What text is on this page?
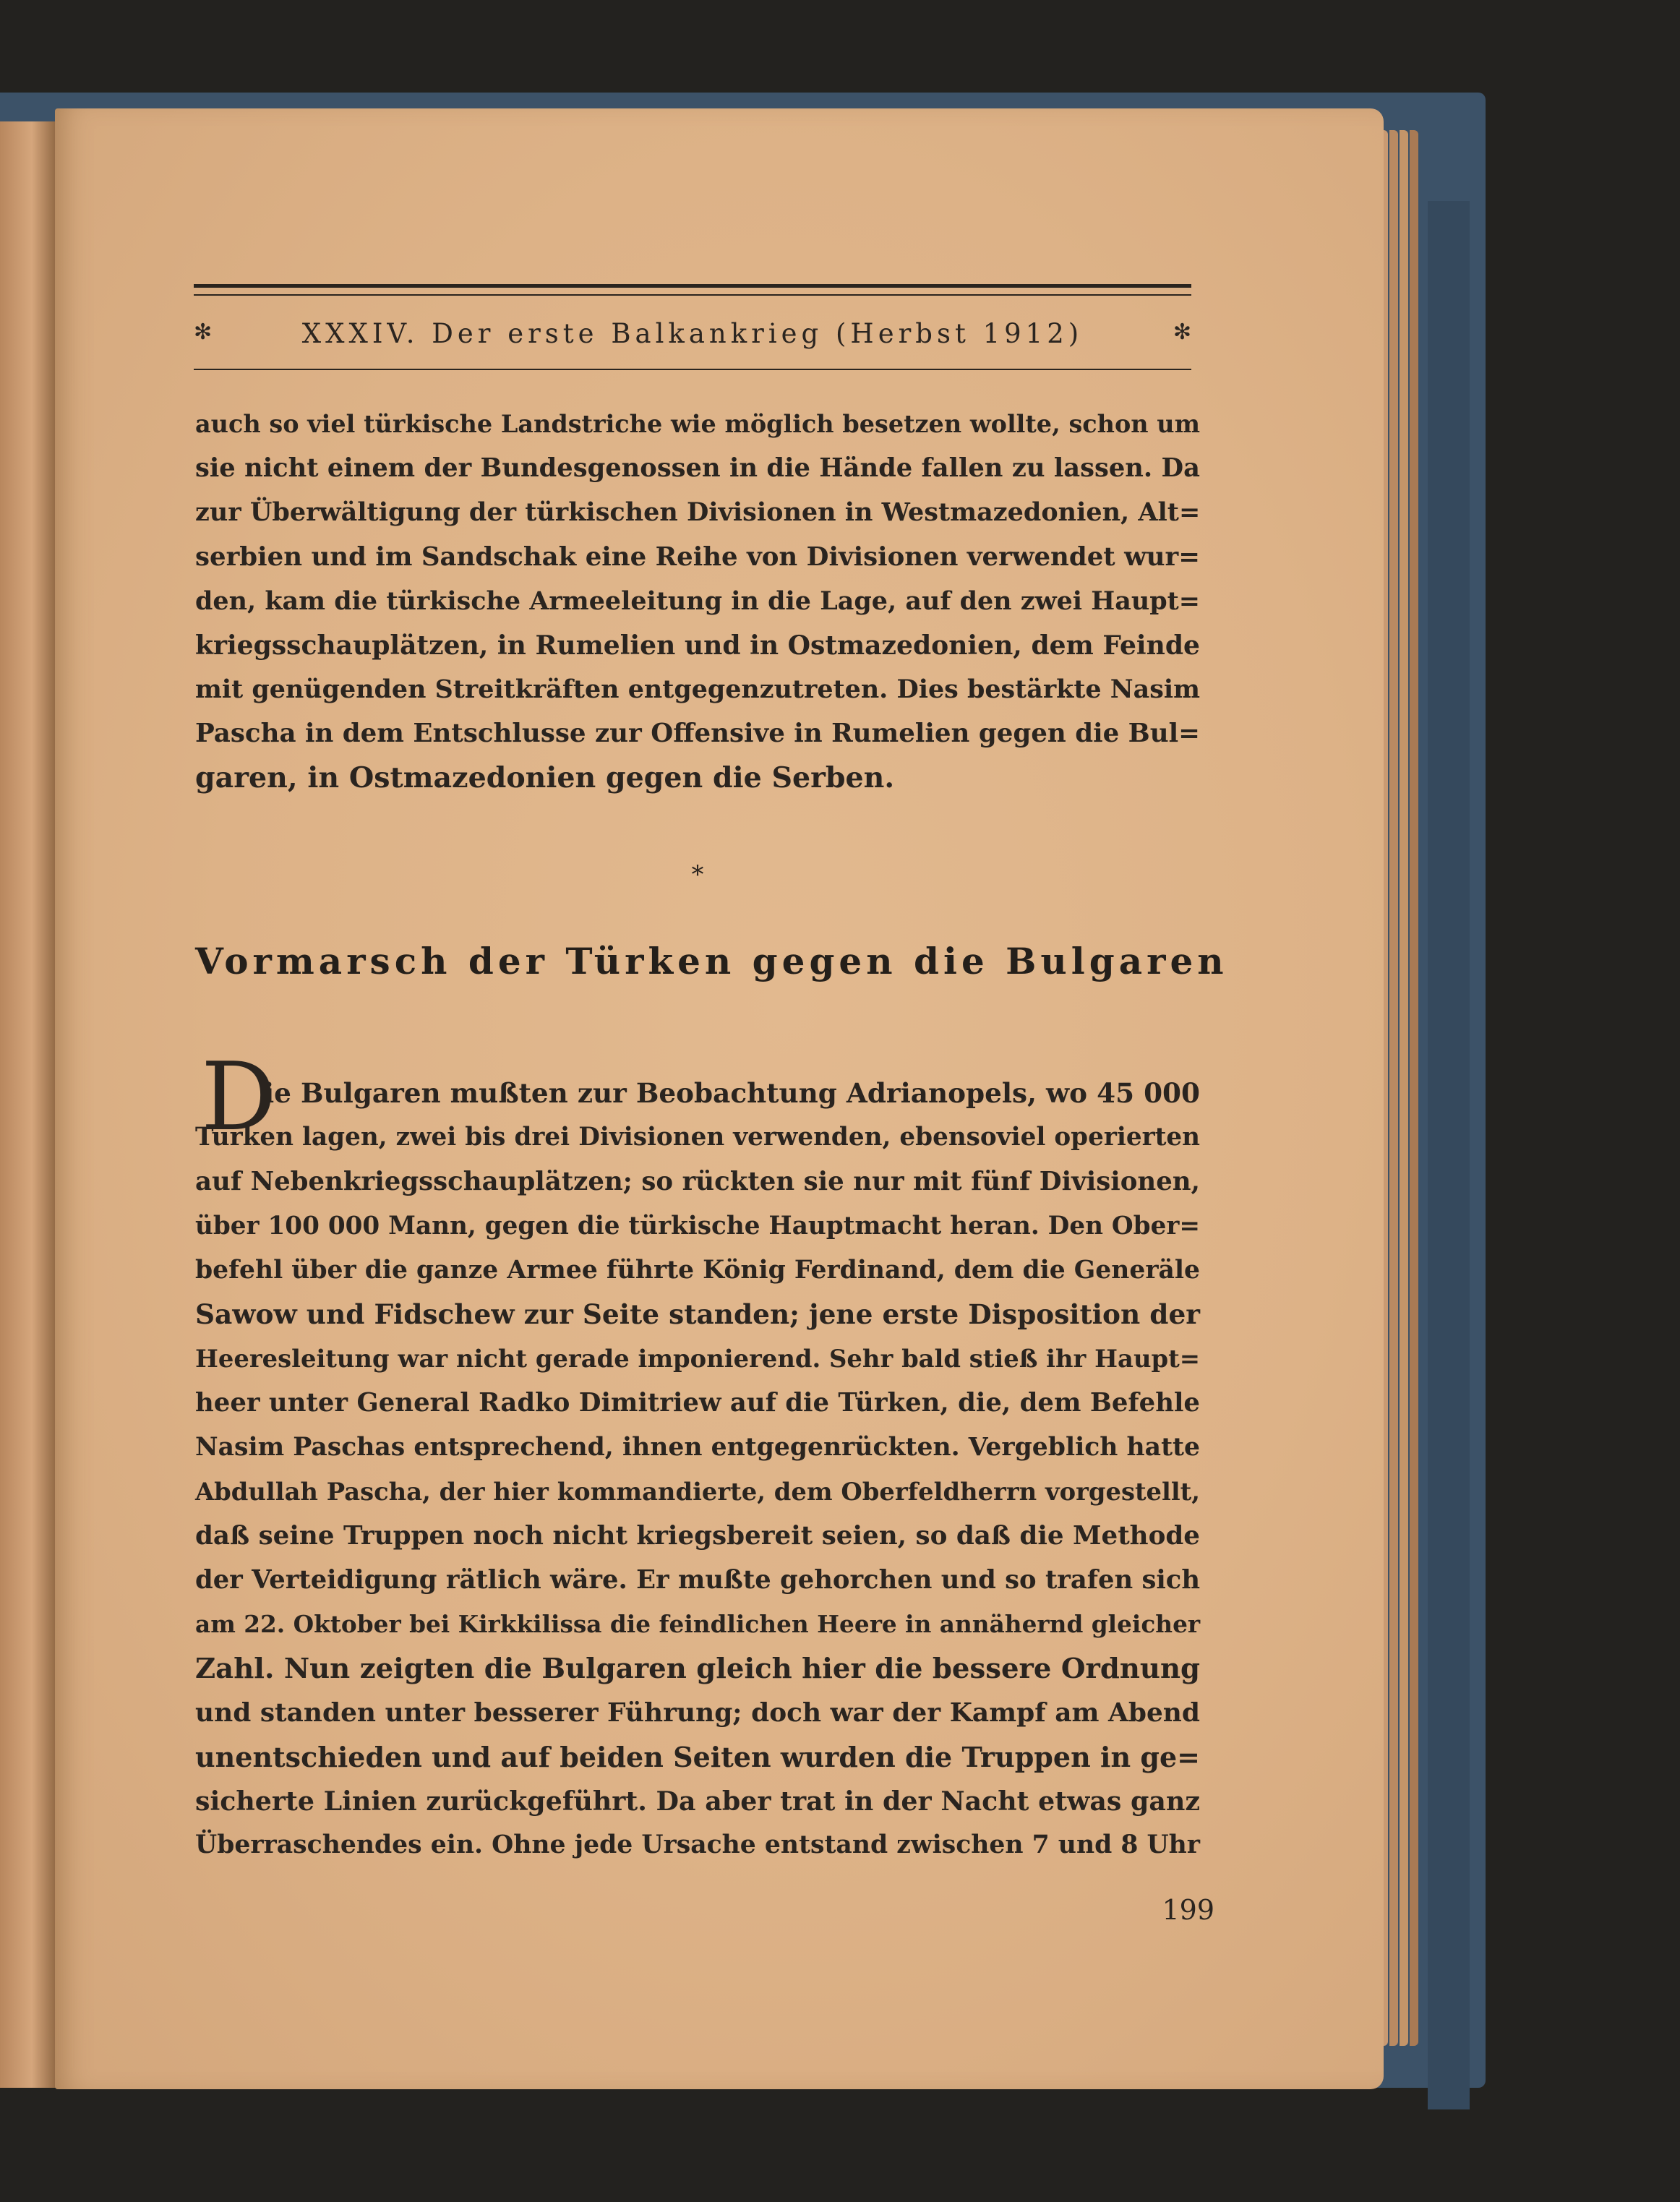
✻	XXXIV. Der erste Balkankrieg (Herbst 1912)	✻
auch so viel türkische Landstriche wie möglich besetzen wollte, schon um
sie nicht einem der Bundesgenossen in die Hände fallen zu lassen. Da
zur Überwältigung der türkischen Divisionen in Westmazedonien, Alt=
serbien und im Sandschak eine Reihe von Divisionen verwendet wur=
den, kam die türkische Armeeleitung in die Lage, auf den zwei Haupt=
kriegsschauplätzen, in Rumelien und in Ostmazedonien, dem Feinde
mit genügenden Streitkräften entgegenzutreten. Dies bestärkte Nasim
Pascha in dem Entschlusse zur Offensive in Rumelien gegen die Bul=
garen, in Ostmazedonien gegen die Serben.
*
Vormarsch der Türken gegen die Bulgaren
D
ie Bulgaren mußten zur Beobachtung Adrianopels, wo 45 000
Türken lagen, zwei bis drei Divisionen verwenden, ebensoviel operierten
auf Nebenkriegsschauplätzen; so rückten sie nur mit fünf Divisionen,
über 100 000 Mann, gegen die türkische Hauptmacht heran. Den Ober=
befehl über die ganze Armee führte König Ferdinand, dem die Generäle
Sawow und Fidschew zur Seite standen; jene erste Disposition der
Heeresleitung war nicht gerade imponierend. Sehr bald stieß ihr Haupt=
heer unter General Radko Dimitriew auf die Türken, die, dem Befehle
Nasim Paschas entsprechend, ihnen entgegenrückten. Vergeblich hatte
Abdullah Pascha, der hier kommandierte, dem Oberfeldherrn vorgestellt,
daß seine Truppen noch nicht kriegsbereit seien, so daß die Methode
der Verteidigung rätlich wäre. Er mußte gehorchen und so trafen sich
am 22. Oktober bei Kirkkilissa die feindlichen Heere in annähernd gleicher
Zahl. Nun zeigten die Bulgaren gleich hier die bessere Ordnung
und standen unter besserer Führung; doch war der Kampf am Abend
unentschieden und auf beiden Seiten wurden die Truppen in ge=
sicherte Linien zurückgeführt. Da aber trat in der Nacht etwas ganz
Überraschendes ein. Ohne jede Ursache entstand zwischen 7 und 8 Uhr
199
